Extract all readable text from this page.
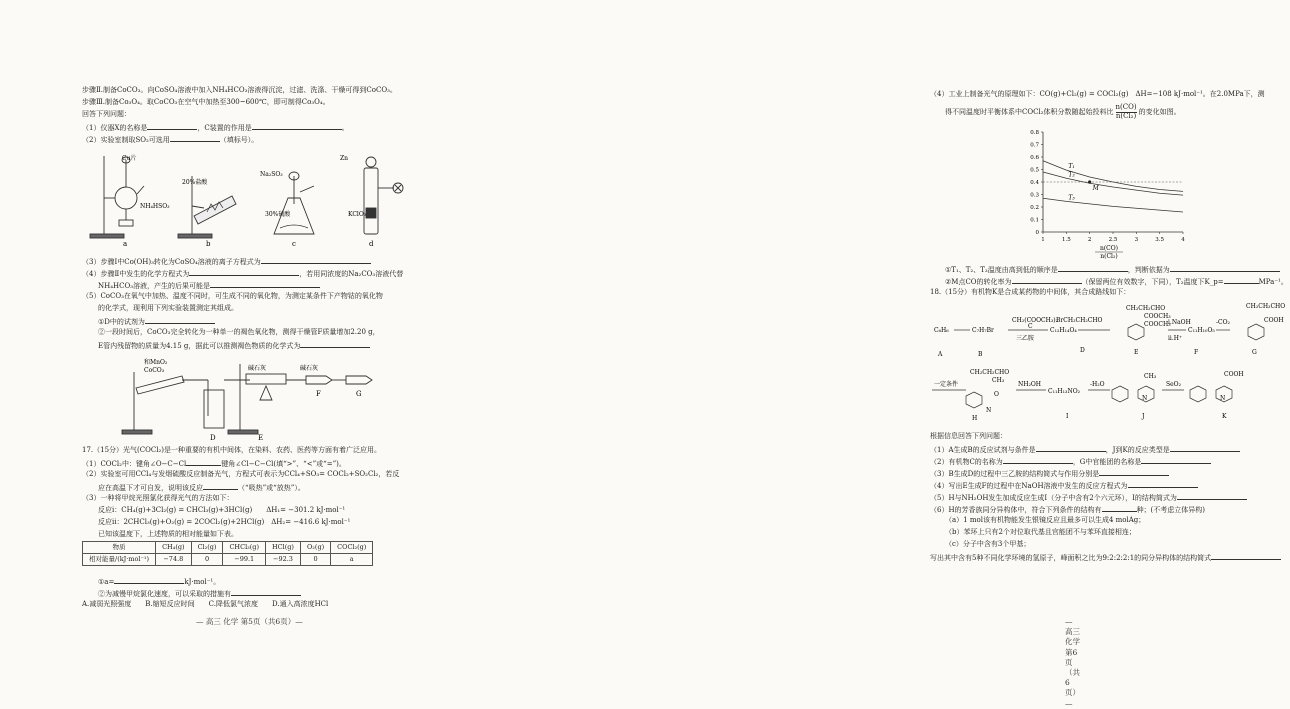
步骤Ⅱ.制备CoCO₃。向CoSO₄溶液中加入NH₄HCO₃溶液得沉淀，过滤、洗涤、干燥可得到CoCO₃。
步骤Ⅲ.制备Co₃O₄。取CoCO₃在空气中加热至300~600℃，即可制得Co₃O₄。
回答下列问题：
（1）仪器X的名称是	，C装置的作用是	。
（2）实验室制取SO₂可选用	（填标号）。
Cu片
NH₄HSO₃
a
20%盐酸
b
Na₂SO₃
30%硫酸
c
Zn
KClO₃
d
（3）步骤Ⅰ中Co(OH)₃转化为CoSO₄溶液的离子方程式为
（4）步骤Ⅱ中发生的化学方程式为	，若用同浓度的Na₂CO₃溶液代替
NH₄HCO₃溶液，产生的后果可能是
（5）CoCO₃在氧气中加热、温度不同时，可生成不同的氧化物，为测定某条件下产物钴的氧化物
的化学式，现利用下列实验装置测定其组成。
①D中的试剂为
②一段时间后，CoCO₃完全转化为一种单一的褐色氧化物，测得干燥管F质量增加2.20 g，
E管内残留物的质量为4.15 g，据此可以推测褐色物质的化学式为
和MnO₂
CoCO₃	碱石灰	碱石灰
D	E
F	G
17.（15分）光气(COCl₂)是一种重要的有机中间体，在染料、农药、医药等方面有着广泛应用。
（1）COCl₂中：键角∠O−C−Cl	键角∠Cl−C−Cl(填“>”、“<”或“=”)。
（2）实验室可用CCl₄与发烟硫酸反应制备光气，方程式可表示为CCl₄+SO₃= COCl₂+SO₂Cl₂，若反
应在高温下才可自发，说明该反应	（“吸热”或“放热”）。
（3）一种将甲烷光照氯化获得光气的方法如下：
反应ⅰ：CH₄(g)+3Cl₂(g) = CHCl₃(g)+3HCl(g)　　ΔH₁= −301.2 kJ·mol⁻¹
反应ⅱ：2CHCl₃(g)+O₂(g) = 2COCl₂(g)+2HCl(g)　ΔH₂= −416.6 kJ·mol⁻¹
已知该温度下，上述物质的相对能量如下表。
物质	CH₄(g)	Cl₂(g)	CHCl₃(g)	HCl(g)	O₂(g)	COCl₂(g)
相对能量/(kJ·mol⁻¹)	−74.8	0	−99.1	−92.3	0	a
①a=	kJ·mol⁻¹。
②为减慢甲烷氯化速度，可以采取的措施有
A.减弱光照强度　　B.缩短反应时间　　C.降低氯气浓度　　D.通入高浓度HCl
— 高三 化学 第5页（共6页）—
（4）工业上制备光气的原理如下：CO(g)+Cl₂(g) = COCl₂(g)　ΔH=−108 kJ·mol⁻¹。在2.0MPa下，测
得不同温度时平衡体系中COCl₂体积分数随起始投料比 $\frac{n(CO)}{\text{n(Cl₂)}}$ 的变化如图。
0
0.1
0.2
0.3
0.4
0.5
0.6
0.7
0.8
1	1.5	2	2.5	3	3.5	4
T₁
T₂
T₃
M
n(CO)
n(Cl₂)
①T₁、T₂、T₃温度由高到低的顺序是	，判断依据为
②M点CO的转化率为	（保留两位有效数字，下同），T₂温度下K_p=	MPa⁻¹。
18.（15分）有机物K是合成某药物的中间体，其合成路线如下：
C₆H₆	C₇H₇Br
CH₂(COOCH₃)₂
C
三乙胺
C₁₂H₁₄O₄
BrCH₂CH₂CHO
D
COOCH₃
COOCH₃
CH₂CH₂CHO
E
i.NaOH
ii.H⁺
C₁₁H₁₀O₅
-CO₂
F
CH₂CH₂CHO
COOH
G
A	B
一定条件
CH₂CH₂CHO
CH₃
O
H
NH₂OH
C₁₁H₁₃NO₂
-H₂O
I	J
CH₃
SeO₂
COOH
K
N	N
N
根据信息回答下列问题：
（1）A生成B的反应试剂与条件是	，J到K的反应类型是
（2）有机物C的名称为	，G中官能团的名称是
（3）B生成D的过程中三乙胺的结构简式与作用分别是
（4）写出E生成F的过程中在NaOH溶液中发生的反应方程式为
（5）H与NH₂OH发生加成反应生成I（分子中含有2个六元环），I的结构简式为
（6）H的芳香族同分异构体中，符合下列条件的结构有	种；(不考虑立体异构)
（a）1 mol该有机物能发生银镜反应且最多可以生成4 molAg；
（b）苯环上只有2个对位取代基且官能团不与苯环直接相连；
（c）分子中含有3个甲基；
写出其中含有5种不同化学环境的氢原子，峰面积之比为9:2:2:2:1的同分异构体的结构简式
— 高三 化学 第6页（共6页）—
